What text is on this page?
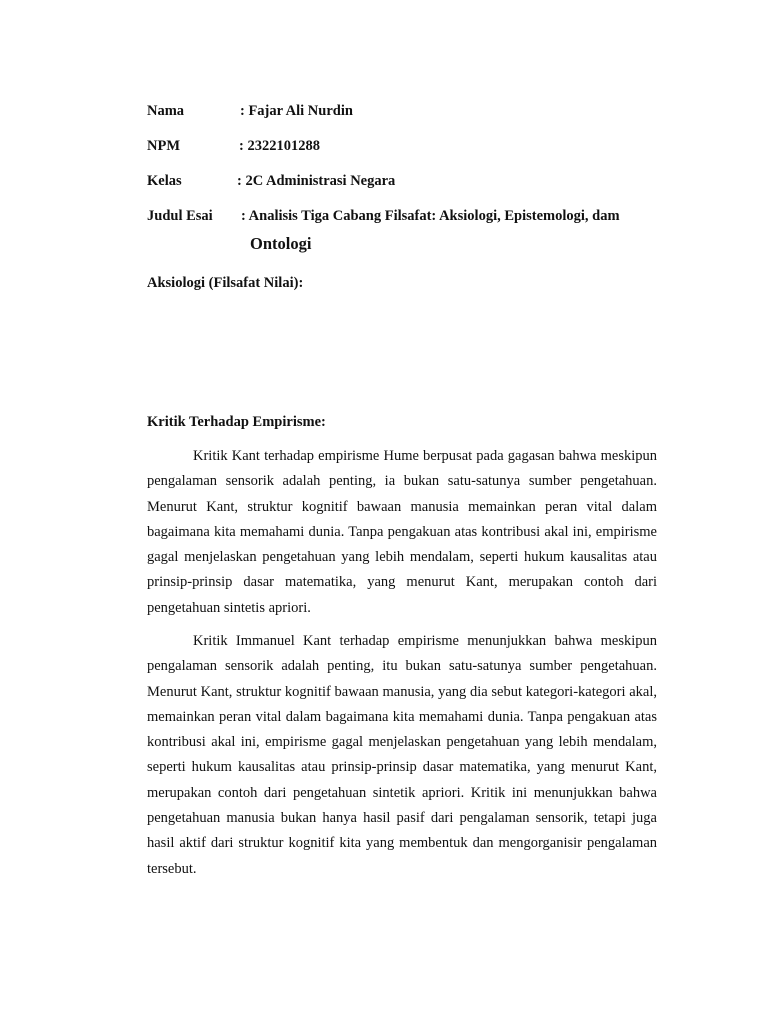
Nama	: Fajar Ali Nurdin
NPM	: 2322101288
Kelas	: 2C Administrasi Negara
Judul Esai : Analisis Tiga Cabang Filsafat: Aksiologi, Epistemologi, dam
Ontologi
Aksiologi (Filsafat Nilai):
Kritik Terhadap Empirisme:

Kritik Kant terhadap empirisme Hume berpusat pada gagasan bahwa meskipun pengalaman sensorik adalah penting, ia bukan satu-satunya sumber pengetahuan. Menurut Kant, struktur kognitif bawaan manusia memainkan peran vital dalam bagaimana kita memahami dunia. Tanpa pengakuan atas kontribusi akal ini, empirisme gagal menjelaskan pengetahuan yang lebih mendalam, seperti hukum kausalitas atau prinsip-prinsip dasar matematika, yang menurut Kant, merupakan contoh dari pengetahuan sintetis apriori.

Kritik Immanuel Kant terhadap empirisme menunjukkan bahwa meskipun pengalaman sensorik adalah penting, itu bukan satu-satunya sumber pengetahuan. Menurut Kant, struktur kognitif bawaan manusia, yang dia sebut kategori-kategori akal, memainkan peran vital dalam bagaimana kita memahami dunia. Tanpa pengakuan atas kontribusi akal ini, empirisme gagal menjelaskan pengetahuan yang lebih mendalam, seperti hukum kausalitas atau prinsip-prinsip dasar matematika, yang menurut Kant, merupakan contoh dari pengetahuan sintetik apriori. Kritik ini menunjukkan bahwa pengetahuan manusia bukan hanya hasil pasif dari pengalaman sensorik, tetapi juga hasil aktif dari struktur kognitif kita yang membentuk dan mengorganisir pengalaman tersebut.
